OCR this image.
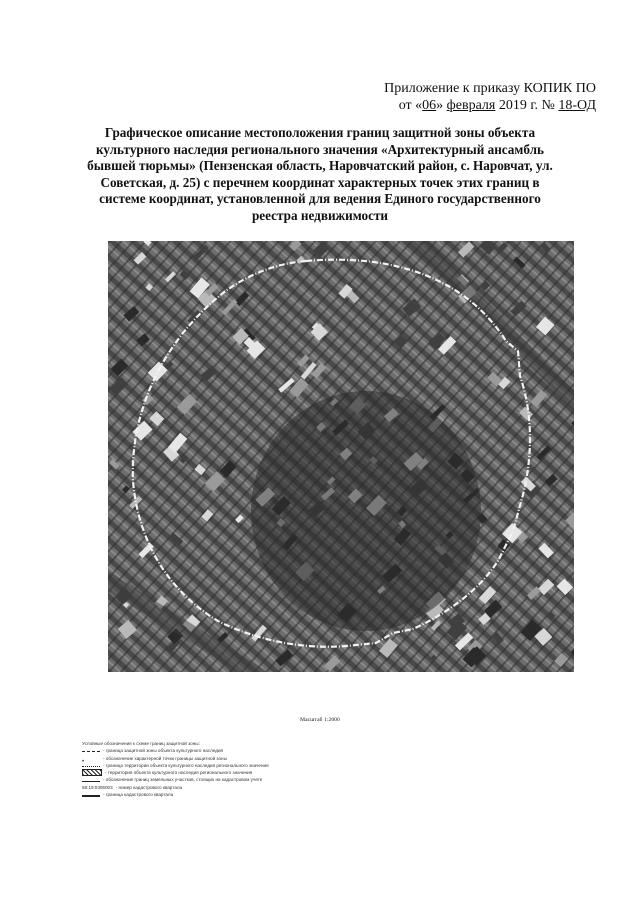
Приложение к приказу КОПИК ПО
от «06» февраля 2019 г. № 18-ОД
Графическое описание местоположения границ защитной зоны объекта культурного наследия регионального значения «Архитектурный ансамбль бывшей тюрьмы» (Пензенская область, Наровчатский район, с. Наровчат, ул. Советская, д. 25) с перечнем координат характерных точек этих границ в системе координат, установленной для ведения Единого государственного реестра недвижимости
Масштаб 1:2000
Условные обозначения к схеме границ защитной зоны:
- граница защитной зоны объекта культурного наследия
- обозначение характерной точки границы защитной зоны
- граница территории объекта культурного наследия регионального значения
- территория объекта культурного наследия регионального значения
- обозначение границ земельных участков, стоящих на кадастровом учете
58:19:0305003 - номер кадастрового квартала
- граница кадастрового квартала
